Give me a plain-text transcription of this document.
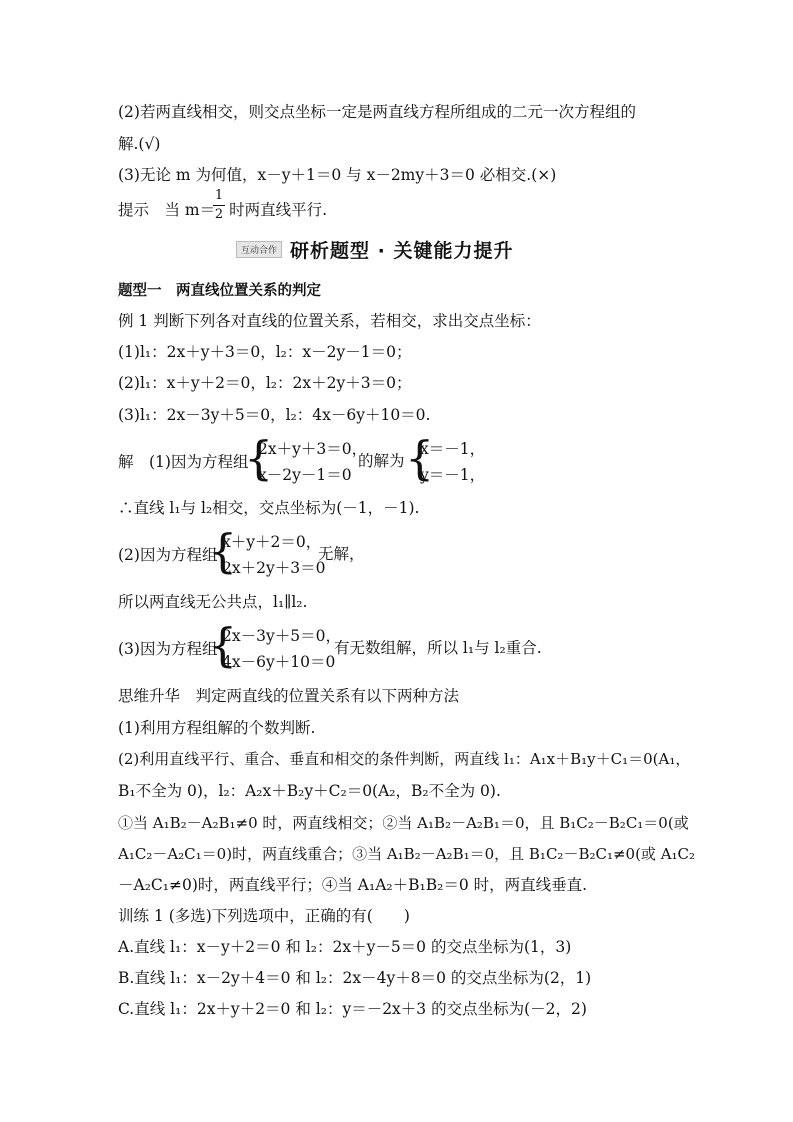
(2)若两直线相交，则交点坐标一定是两直线方程所组成的二元一次方程组的
解.(√)
(3)无论 m 为何值，x－y＋1＝0 与 x－2my＋3＝0 必相交.(×)
提示　当 m＝ 时两直线平行.
1
2
互动合作 研析题型 · 关键能力提升
题型一　两直线位置关系的判定
例 1 判断下列各对直线的位置关系，若相交，求出交点坐标：
(1)l₁：2x＋y＋3＝0，l₂：x－2y－1＝0；
(2)l₁：x＋y＋2＝0，l₂：2x＋2y＋3＝0；
(3)l₁：2x－3y＋5＝0，l₂：4x－6y＋10＝0.
解　(1)因为方程组
{
2x＋y＋3＝0，
x－2y－1＝0
的解为 {
x＝－1，
y＝－1，
∴直线 l₁与 l₂相交，交点坐标为(－1，－1).
(2)因为方程组
{
x＋y＋2＝0，
2x＋2y＋3＝0
无解，
所以两直线无公共点，l₁∥l₂.
(3)因为方程组
{
2x－3y＋5＝0，
4x－6y＋10＝0
有无数组解，所以 l₁与 l₂重合.
思维升华　判定两直线的位置关系有以下两种方法
(1)利用方程组解的个数判断.
(2)利用直线平行、重合、垂直和相交的条件判断，两直线 l₁：A₁x＋B₁y＋C₁＝0(A₁，
B₁不全为 0)，l₂：A₂x＋B₂y＋C₂＝0(A₂，B₂不全为 0).
①当 A₁B₂－A₂B₁≠0 时，两直线相交；②当 A₁B₂－A₂B₁＝0，且 B₁C₂－B₂C₁＝0(或
A₁C₂－A₂C₁＝0)时，两直线重合；③当 A₁B₂－A₂B₁＝0，且 B₁C₂－B₂C₁≠0(或 A₁C₂
－A₂C₁≠0)时，两直线平行；④当 A₁A₂＋B₁B₂＝0 时，两直线垂直.
训练 1 (多选)下列选项中，正确的有(　　)
A.直线 l₁：x－y＋2＝0 和 l₂：2x＋y－5＝0 的交点坐标为(1，3)
B.直线 l₁：x－2y＋4＝0 和 l₂：2x－4y＋8＝0 的交点坐标为(2，1)
C.直线 l₁：2x＋y＋2＝0 和 l₂：y＝－2x＋3 的交点坐标为(－2，2)
